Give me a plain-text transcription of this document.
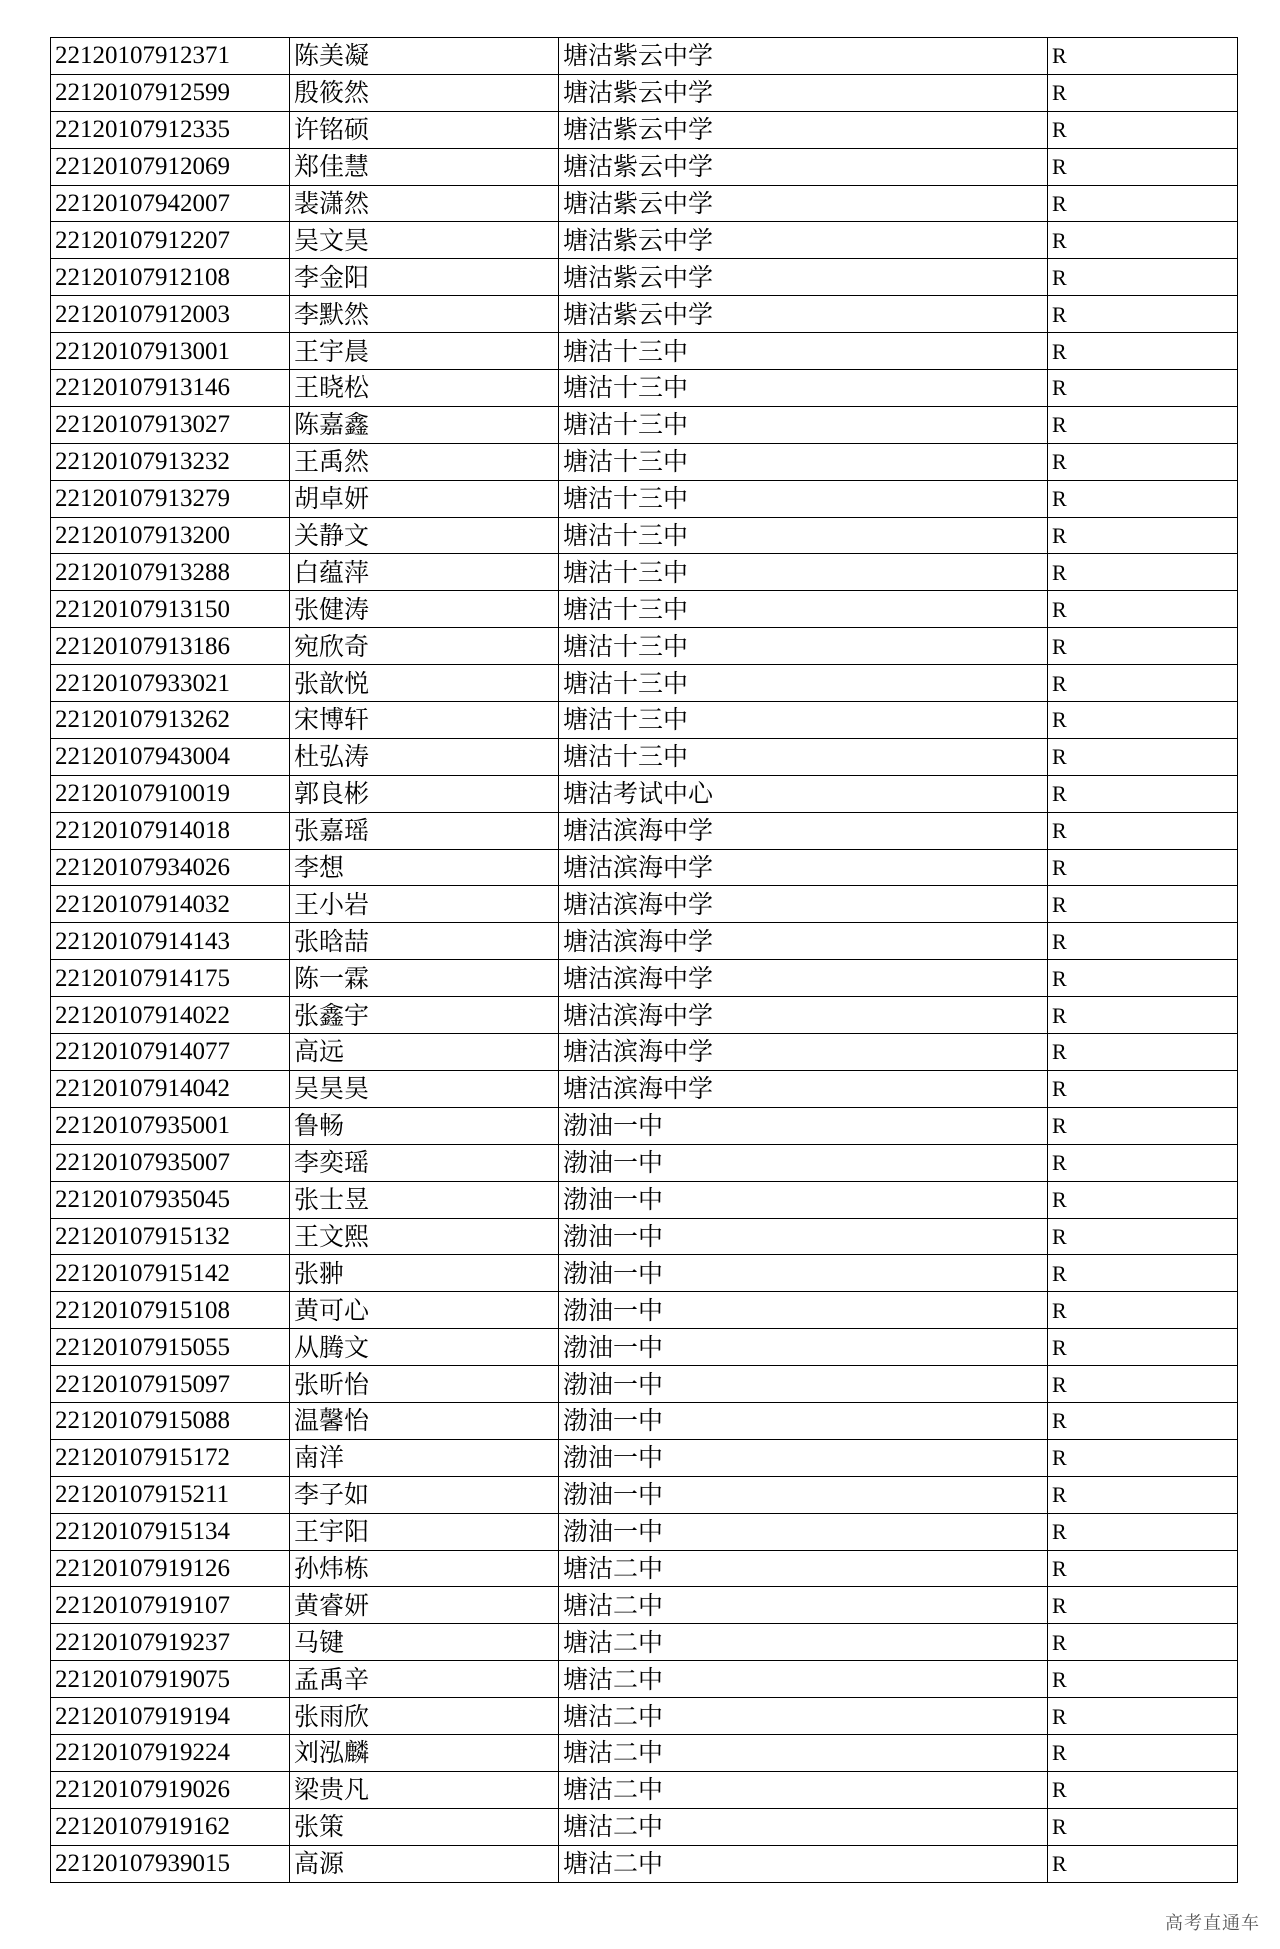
22120107912371	陈美凝	塘沽紫云中学	R
22120107912599	殷筱然	塘沽紫云中学	R
22120107912335	许铭硕	塘沽紫云中学	R
22120107912069	郑佳慧	塘沽紫云中学	R
22120107942007	裴潇然	塘沽紫云中学	R
22120107912207	吴文昊	塘沽紫云中学	R
22120107912108	李金阳	塘沽紫云中学	R
22120107912003	李默然	塘沽紫云中学	R
22120107913001	王宇晨	塘沽十三中	R
22120107913146	王晓松	塘沽十三中	R
22120107913027	陈嘉鑫	塘沽十三中	R
22120107913232	王禹然	塘沽十三中	R
22120107913279	胡卓妍	塘沽十三中	R
22120107913200	关静文	塘沽十三中	R
22120107913288	白蕴萍	塘沽十三中	R
22120107913150	张健涛	塘沽十三中	R
22120107913186	宛欣奇	塘沽十三中	R
22120107933021	张歆悦	塘沽十三中	R
22120107913262	宋博轩	塘沽十三中	R
22120107943004	杜弘涛	塘沽十三中	R
22120107910019	郭良彬	塘沽考试中心	R
22120107914018	张嘉瑶	塘沽滨海中学	R
22120107934026	李想	塘沽滨海中学	R
22120107914032	王小岩	塘沽滨海中学	R
22120107914143	张晗喆	塘沽滨海中学	R
22120107914175	陈一霖	塘沽滨海中学	R
22120107914022	张鑫宇	塘沽滨海中学	R
22120107914077	高远	塘沽滨海中学	R
22120107914042	吴昊昊	塘沽滨海中学	R
22120107935001	鲁畅	渤油一中	R
22120107935007	李奕瑶	渤油一中	R
22120107935045	张士昱	渤油一中	R
22120107915132	王文熙	渤油一中	R
22120107915142	张翀	渤油一中	R
22120107915108	黄可心	渤油一中	R
22120107915055	从腾文	渤油一中	R
22120107915097	张昕怡	渤油一中	R
22120107915088	温馨怡	渤油一中	R
22120107915172	南洋	渤油一中	R
22120107915211	李子如	渤油一中	R
22120107915134	王宇阳	渤油一中	R
22120107919126	孙炜栋	塘沽二中	R
22120107919107	黄睿妍	塘沽二中	R
22120107919237	马键	塘沽二中	R
22120107919075	孟禹辛	塘沽二中	R
22120107919194	张雨欣	塘沽二中	R
22120107919224	刘泓麟	塘沽二中	R
22120107919026	梁贵凡	塘沽二中	R
22120107919162	张策	塘沽二中	R
22120107939015	高源	塘沽二中	R
高考直通车
